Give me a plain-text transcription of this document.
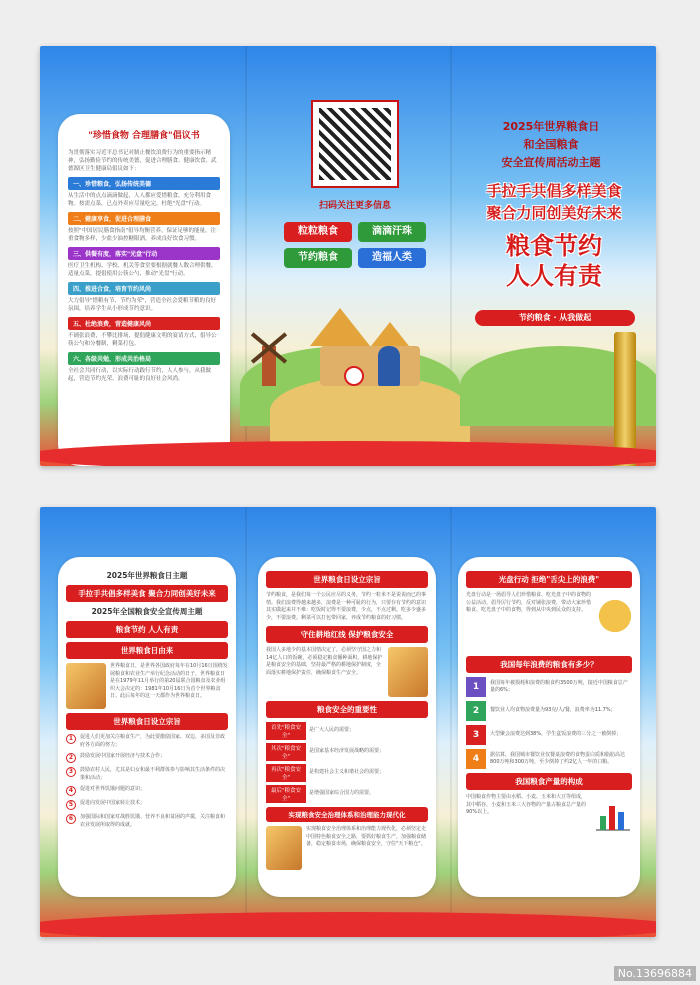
"珍惜食物 合理膳食"倡议书
为贯彻落实习近平总书记对制止餐饮浪费行为的重要指示精神，弘扬勤俭节约的传统美德，促进合理膳食、健康饮食，武德源区卫生健康局倡议如下：
一、珍惜粮食，弘扬传统美德
从生活中的点点滴滴做起，人人都应爱惜粮食，充分利用食物。按需点菜，已点外卖应尽量吃完，杜绝"光盘"行动。
二、健康享食，促进合理膳食
按照"中国居民膳食指南"倡导均衡营养，保证足够的能量，注重食物多样，少盐少油控糖限酒，养成良好饮食习惯。
三、供餐有度，落实"光盘"行动
医疗卫生机构、学校、机关等食堂要根据就餐人数合理供餐，适量点菜，提倡使用公筷公勺，推动"光盘"行动。
四、推进合食，培育节约风尚
大力倡导"惜粮有节、节约为荣"，营造全社会爱粮节粮的良好氛围，培养学生从小形成节约意识。
五、杜绝浪费，营造健康风尚
不铺张浪费，不攀比排场，提倡健康文明的宴请方式，倡导公筷公勺和分餐制，剩菜打包。
六、各级共勉，形成共治格局
全社会共同行动，以实际行动践行节约，人人参与，从我做起，营造节约光荣、浪费可耻的良好社会风尚。
扫码关注更多信息
粒粒粮食	滴滴汗珠
节约粮食	造福人类
2025年世界粮食日
和全国粮食
安全宣传周活动主题
手拉手共倡多样美食
聚合力同创美好未来
粮食节约
人人有责
节约粮食 · 从我做起
2025年世界粮食日主题
手拉手共倡多样美食 聚合力同创美好未来
2025年全国粮食安全宣传周主题
粮食节约 人人有责
世界粮食日由来
世界粮食日，是世界各国政府每年在10月16日围绕发展粮食和农业生产举行纪念活动的日子。世界粮食日是在1979年11月举行的第20届联合国粮食及农业组织大会决定的：1981年10月16日为首个世界粮食日。此后每年的这一天都作为世界粮食日。
世界粮食日设立宗旨
1	促进人们更加关注粮食生产，为此要激励国家、双边、多国及非政府各方面的努力；
2	鼓励发展中国家开展经济与技术合作；
3	鼓励农村人民，尤其是妇女和最不利群体参与影响其生活条件的决策和活动；
4	促进对世界饥饿问题的意识；
5	促进向发展中国家转让技术；
6	加强国际和国家对战胜饥饿、营养不良和贫困的声援，关注粮食和农业发展所取得的成就。
世界粮食日设立宗旨
节约粮食，是我们每一个公民应尽的义务，节约一粒米不是说说而已的事情。我们浪费得越来越多，浪费是一种可耻的行为，只要存有节约的意识其实做起来并不难：吃饭时记得不要浪费，少点，不点过剩。吃多少盛多少，不要浪费。剩菜可以打包带回家，养成节约粮食的好习惯。
守住耕地红线 保护粮食安全
我国人多地少的基本国情决定了，必须坚守国之力和14亿人口的饭碗，必须稳定粮食播种面积，耕地保护是粮食安全的基础，坚持最严格的耕地保护制度，全面落实耕地保护责任，确保粮食生产安全。
粮食安全的重要性
首先"粮食安全"
是广大人民的需要；
其次"粮食安全"
是国家基本经济发展战略的需要；
再次"粮食安全"
是构建社会主义和谐社会的需要；
最后"粮食安全"
是增强国家综合国力的需要。
实现粮食安全治理体系和治理能力现代化
实现粮食安全治理体系和治理能力现代化，必须坚定走中国特色粮食安全之路，要抓好粮食生产，加强粮食储备，稳定粮食市场，确保粮食安全，守住"天下粮仓"。
光盘行动 拒绝"舌尖上的浪费"
光盘行动是一场倡导人们珍惜粮食、吃光盘子中的食物的公益活动。倡导厉行节约，反对铺张浪费，带动大家珍惜粮食、吃光盘子中的食物，得到从中央到民众的支持。
我国每年浪费的粮食有多少？
1	我国每年被损耗和浪费的粮食约3500万吨，接近中国粮食总产量的6%；
2	餐饮业人均食物浪费量为93克/人/餐，浪费率为11.7%；
3	大型聚会浪费达到38%，学生盒饭浪费的三分之一被倒掉；
4	据估算，我国城市餐饮业仅餐桌浪费的食物蛋白质和脂肪高达800万吨和300万吨，至少倒掉了约2亿人一年的口粮。
我国粮食产量的构成
中国粮食作物主要由水稻、小麦、玉米和大豆等组成，其中稻谷、小麦和玉米三大谷物的产量占粮食总产量的90%以上。
No.13696884
